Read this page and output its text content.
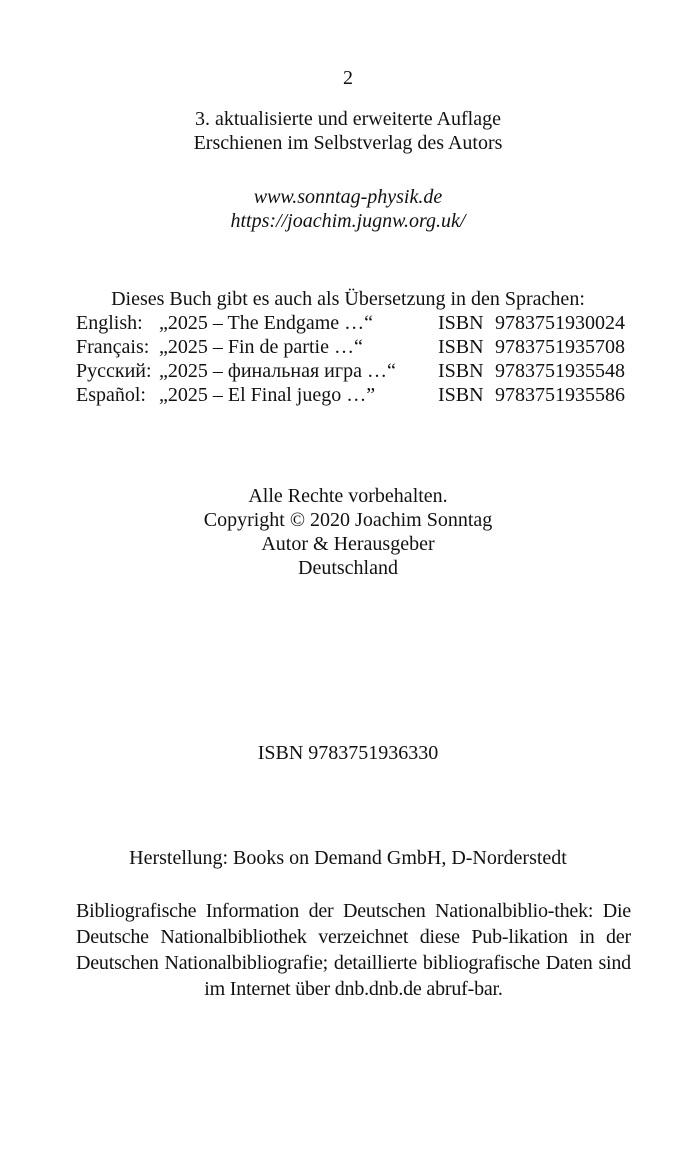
2
3. aktualisierte und erweiterte Auflage
Erschienen im Selbstverlag des Autors
www.sonntag-physik.de
https://joachim.jugnw.org.uk/
Dieses Buch gibt es auch als Übersetzung in den Sprachen:
English: „2025 – The Endgame …“	ISBN 9783751930024
Français: „2025 – Fin de partie …“	ISBN 9783751935708
Русский: „2025 – финальная игра …“ ISBN 9783751935548
Español: „2025 – El Final juego …”	ISBN 9783751935586
Alle Rechte vorbehalten.
Copyright © 2020 Joachim Sonntag
Autor & Herausgeber
Deutschland
ISBN 9783751936330
Herstellung: Books on Demand GmbH, D-Norderstedt
Bibliografische Information der Deutschen Nationalbiblio-thek: Die Deutsche Nationalbibliothek verzeichnet diese Pub-likation in der Deutschen Nationalbibliografie; detaillierte bibliografische Daten sind im Internet über dnb.dnb.de abruf-bar.
